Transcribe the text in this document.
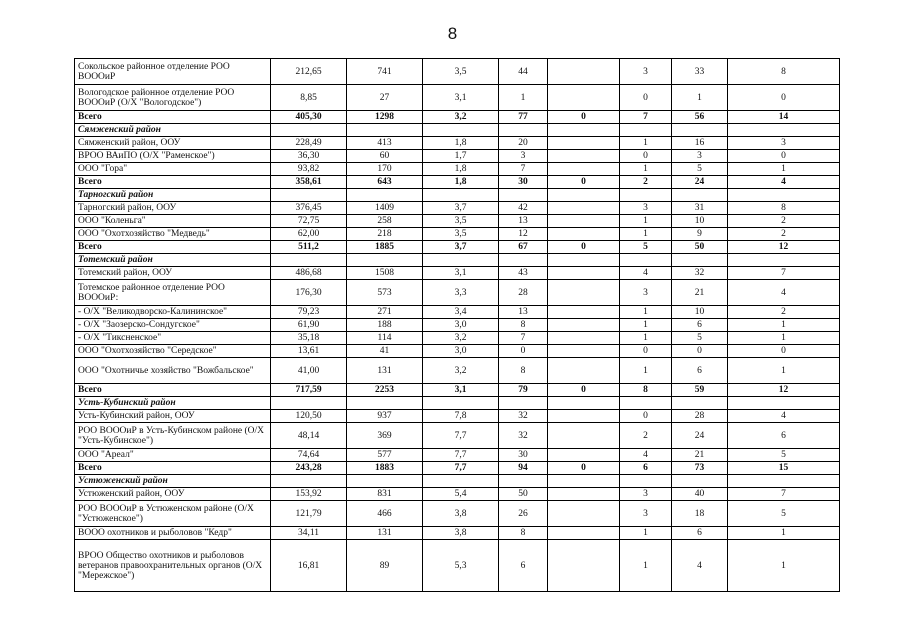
8
Сокольское районное отделение РОО ВОООиР	212,65	741	3,5	44		3	33	8
Вологодское районное отделение РОО ВОООиР (О/Х "Вологодское")	8,85	27	3,1	1		0	1	0
Всего	405,30	1298	3,2	77	0	7	56	14
Сямженский район								
Сямженский район, ООУ	228,49	413	1,8	20		1	16	3
ВРОО ВАиПО (О/Х "Раменское")	36,30	60	1,7	3		0	3	0
ООО "Гора"	93,82	170	1,8	7		1	5	1
Всего	358,61	643	1,8	30	0	2	24	4
Тарногский район								
Тарногский район, ООУ	376,45	1409	3,7	42		3	31	8
ООО "Коленьга"	72,75	258	3,5	13		1	10	2
ООО "Охотхозяйство "Медведь"	62,00	218	3,5	12		1	9	2
Всего	511,2	1885	3,7	67	0	5	50	12
Тотемский район								
Тотемский район, ООУ	486,68	1508	3,1	43		4	32	7
Тотемское районное отделение РОО ВОООиР:	176,30	573	3,3	28		3	21	4
- О/Х "Великодворско-Калининское"	79,23	271	3,4	13		1	10	2
- О/Х "Заозерско-Сондугское"	61,90	188	3,0	8		1	6	1
- О/Х "Тиксненское"	35,18	114	3,2	7		1	5	1
ООО "Охотхозяйство "Середское"	13,61	41	3,0	0		0	0	0
ООО "Охотничье хозяйство "Вожбальское"	41,00	131	3,2	8		1	6	1
Всего	717,59	2253	3,1	79	0	8	59	12
Усть-Кубинский район								
Усть-Кубинский район, ООУ	120,50	937	7,8	32		0	28	4
РОО ВОООиР в Усть-Кубинском районе (О/Х "Усть-Кубинское")	48,14	369	7,7	32		2	24	6
ООО "Ареал"	74,64	577	7,7	30		4	21	5
Всего	243,28	1883	7,7	94	0	6	73	15
Устюженский район								
Устюженский район, ООУ	153,92	831	5,4	50		3	40	7
РОО ВОООиР в Устюженском районе (О/Х "Устюженское")	121,79	466	3,8	26		3	18	5
ВООО охотников и рыболовов "Кедр"	34,11	131	3,8	8		1	6	1
ВРОО Общество охотников и рыболовов ветеранов правоохранительных органов (О/Х "Мережское")	16,81	89	5,3	6		1	4	1
